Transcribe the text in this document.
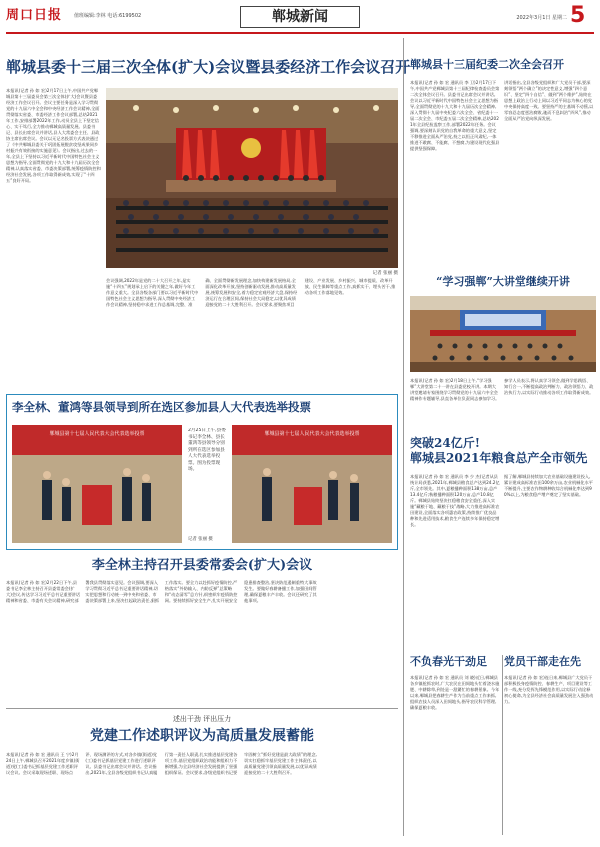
周口日报	值班编辑:李林 电话:6199502	郸城新闻	2022年3月1日 星期二 5
郸城县委十三届三次全体(扩大)会议暨县委经济工作会议召开
本报讯(记者 孙 如 宏)2月17日上午,中国共产党郸城县第十三届委员会第三次全体(扩大)会议暨县委经济工作会议召开。会议主要任务是深入学习贯彻党的十九届六中全会和中央经济工作会议精神,全面贯彻落实省委、市委经济工作会议部署,总结2021年工作,安排部署2022年工作,动员全县上下坚定信心、实干笃行,全力推动郸城高质量发展。县委书记、县长出席会议并讲话,县人大常委会主任、县政协主席出席会议。会议以无记名投票方式表决通过了《中共郸城县委关于巩固拓展脱贫攻坚成果同乡村振兴有效衔接的实施意见》。会议指出,过去的一年,全县上下坚持以习近平新时代中国特色社会主义思想为指导,全面贯彻党的十九大和十九届历次全会精神,认真落实省委、市委决策部署,统筹疫情防控和经济社会发展,各项工作取得新成效,实现了“十四五”良好开局。
记者 张丽 摄
会议强调,2022年是党的二十大召开之年,是实施“十四五”规划承上启下的关键之年,做好今年工作意义重大。全县各级各部门要以习近平新时代中国特色社会主义思想为指导,深入贯彻中央经济工作会议精神,坚持稳中求进工作总基调,完整、准确、全面贯彻新发展理念,加快构建新发展格局,全面深化改革开放,坚持创新驱动发展,推动高质量发展,统筹发展和安全,着力稳定宏观经济大盘,保持经济运行在合理区间,保持社会大局稳定,以优异成绩迎接党的二十大胜利召开。会议要求,要聚焦项目建设、产业发展、乡村振兴、城市提质、改革开放、民生保障等重点工作,真抓实干、埋头苦干,推动各项工作落地见效。
郸城县十三届纪委二次全会召开
本报讯(记者 孙 如 宏 通讯员 李 卫)2月17日下午,中国共产党郸城县第十三届纪律检查委员会第二次全体会议召开。县委书记出席会议并讲话。会议以习近平新时代中国特色社会主义思想为指导,全面贯彻党的十九大和十九届历次全会精神,深入贯彻十九届中央纪委六次全会、省纪委十一届二次全会、市纪委五届二次全会精神,总结2021年全县纪检监察工作,部署2022年任务。会议强调,要深刻认识党的自我革命的重大意义,坚定不移推进全面从严治党,持之以恒正风肃纪,一体推进不敢腐、不能腐、不想腐,为建设现代化强县提供坚强保障。
讲话指出,全县各级党组织和广大党员干部,要深刻领悟“两个确立”的决定性意义,增强“四个意识”、坚定“四个自信”、做到“两个维护”,始终在思想上政治上行动上同以习近平同志为核心的党中央保持高度一致。要坚持严的主基调不动摇,以零容忍态度惩治腐败,驰而不息纠治“四风”,推动全面从严治党向纵深发展。
“学习强郸”大讲堂继续开讲
本报讯(记者 孙 如 宏)2月18日上午,“学习强郸”大讲堂第二十一讲在县委党校开讲。本期大讲堂邀请专家围绕学习贯彻党的十九届六中全会精神作专题辅导,县直各单位负责同志参加学习。
参学人员表示,将认真学习领会,做到学思践悟、知行合一,不断提高政治判断力、政治领悟力、政治执行力,以实际行动推动各项工作取得新成效。
突破24亿斤!
郸城县2021年粮食总产全市领先
本报讯(记者 孙 如 宏 通讯员 李 少 杰)记者从县统计局获悉,2021年,郸城县粮食总产达到24.2亿斤,全市领先。其中,夏粮播种面积138万亩,总产13.4亿斤;秋粮播种面积120万亩,总产10.8亿斤。郸城县始终坚决扛稳粮食安全重任,深入实施“藏粮于地、藏粮于技”战略,大力推进高标准农田建设,全面落实各项惠农政策,持续推广优良品种和先进适用技术,粮食生产连续多年保持稳定增长。
据了解,郸城县持续加大农业基础设施建设投入,累计建成高标准农田100余万亩,农业机械化水平不断提升,主要农作物耕种收综合机械化率达到90%以上,为粮食稳产增产奠定了坚实基础。
不负春光干劲足
本报讯(记者 孙 如 宏 通讯员 刘 晓)近日,郸城县各乡镇抢抓农时,广大农民在田间地头忙着浇水施肥、中耕除草,到处是一派繁忙的春耕景象。今年以来,郸城县把春耕生产作为当前重点工作来抓,组织农技人员深入田间地头,指导农民科学管理,确保夏粮丰收。
党员干部走在先
本报讯(记者 孙 如 宏)连日来,郸城县广大党员干部积极投身疫情防控、春耕生产、项目建设等工作一线,充分发挥先锋模范作用,以实际行动诠释初心使命,为全县经济社会高质量发展注入强劲动力。
李全林、董鸿等县领导到所在选区参加县人大代表选举投票
郸城县第十七届人民代表大会代表选举投票
2月25日上午,县委书记李全林、县长董鸿等县领导分别到所在选区参加县人大代表选举投票。图为投票现场。
记者 张丽 摄
郸城县第十七届人民代表大会代表选举投票
李全林主持召开县委常委会(扩大)会议
本报讯(记者 孙 如 宏)2月22日下午,县委书记李全林主持召开县委常委会(扩大)会议,传达学习习近平总书记重要讲话精神和省委、市委有关会议精神,研究部署我县贯彻落实意见。会议强调,要深入学习贯彻习近平总书记重要讲话精神,切实把思想和行动统一到中央和省委、市委决策部署上来,坚决扛起政治责任,狠抓工作落实。要全力以赴抓好疫情防控,严格落实“外防输入、内防反弹”总策略和“动态清零”总方针,织密织牢疫情防控网。要持续抓好安全生产,扎实开展安全隐患排查整治,坚决防范遏制重特大事故发生。要做好春耕备播工作,加强田间管理,确保夏粮丰产丰收。会议还研究了其他事项。
述出干劲 评出压力
党建工作述职评议为高质量发展蓄能
本报讯(记者 孙 如 宏 通讯员 王 宁)2月24日上午,郸城县召开2021年度乡镇(街道)党(工)委书记抓基层党建工作述职评议会议。会议采取现场述职、现场点评、现场测评的方式,对各乡镇(街道)党(工)委书记抓基层党建工作进行述职评议。县委书记出席会议并讲话。会议指出,2021年,全县各级党组织书记认真履行第一责任人职责,扎实推进基层党建各项工作,基层党组织政治功能和组织力不断增强,为全县经济社会发展提供了坚强组织保证。会议要求,各级党组织书记要牢固树立“抓好党建是最大政绩”的理念,切实扛稳抓牢基层党建工作主体责任,以高质量党建引领高质量发展,以优异成绩迎接党的二十大胜利召开。
